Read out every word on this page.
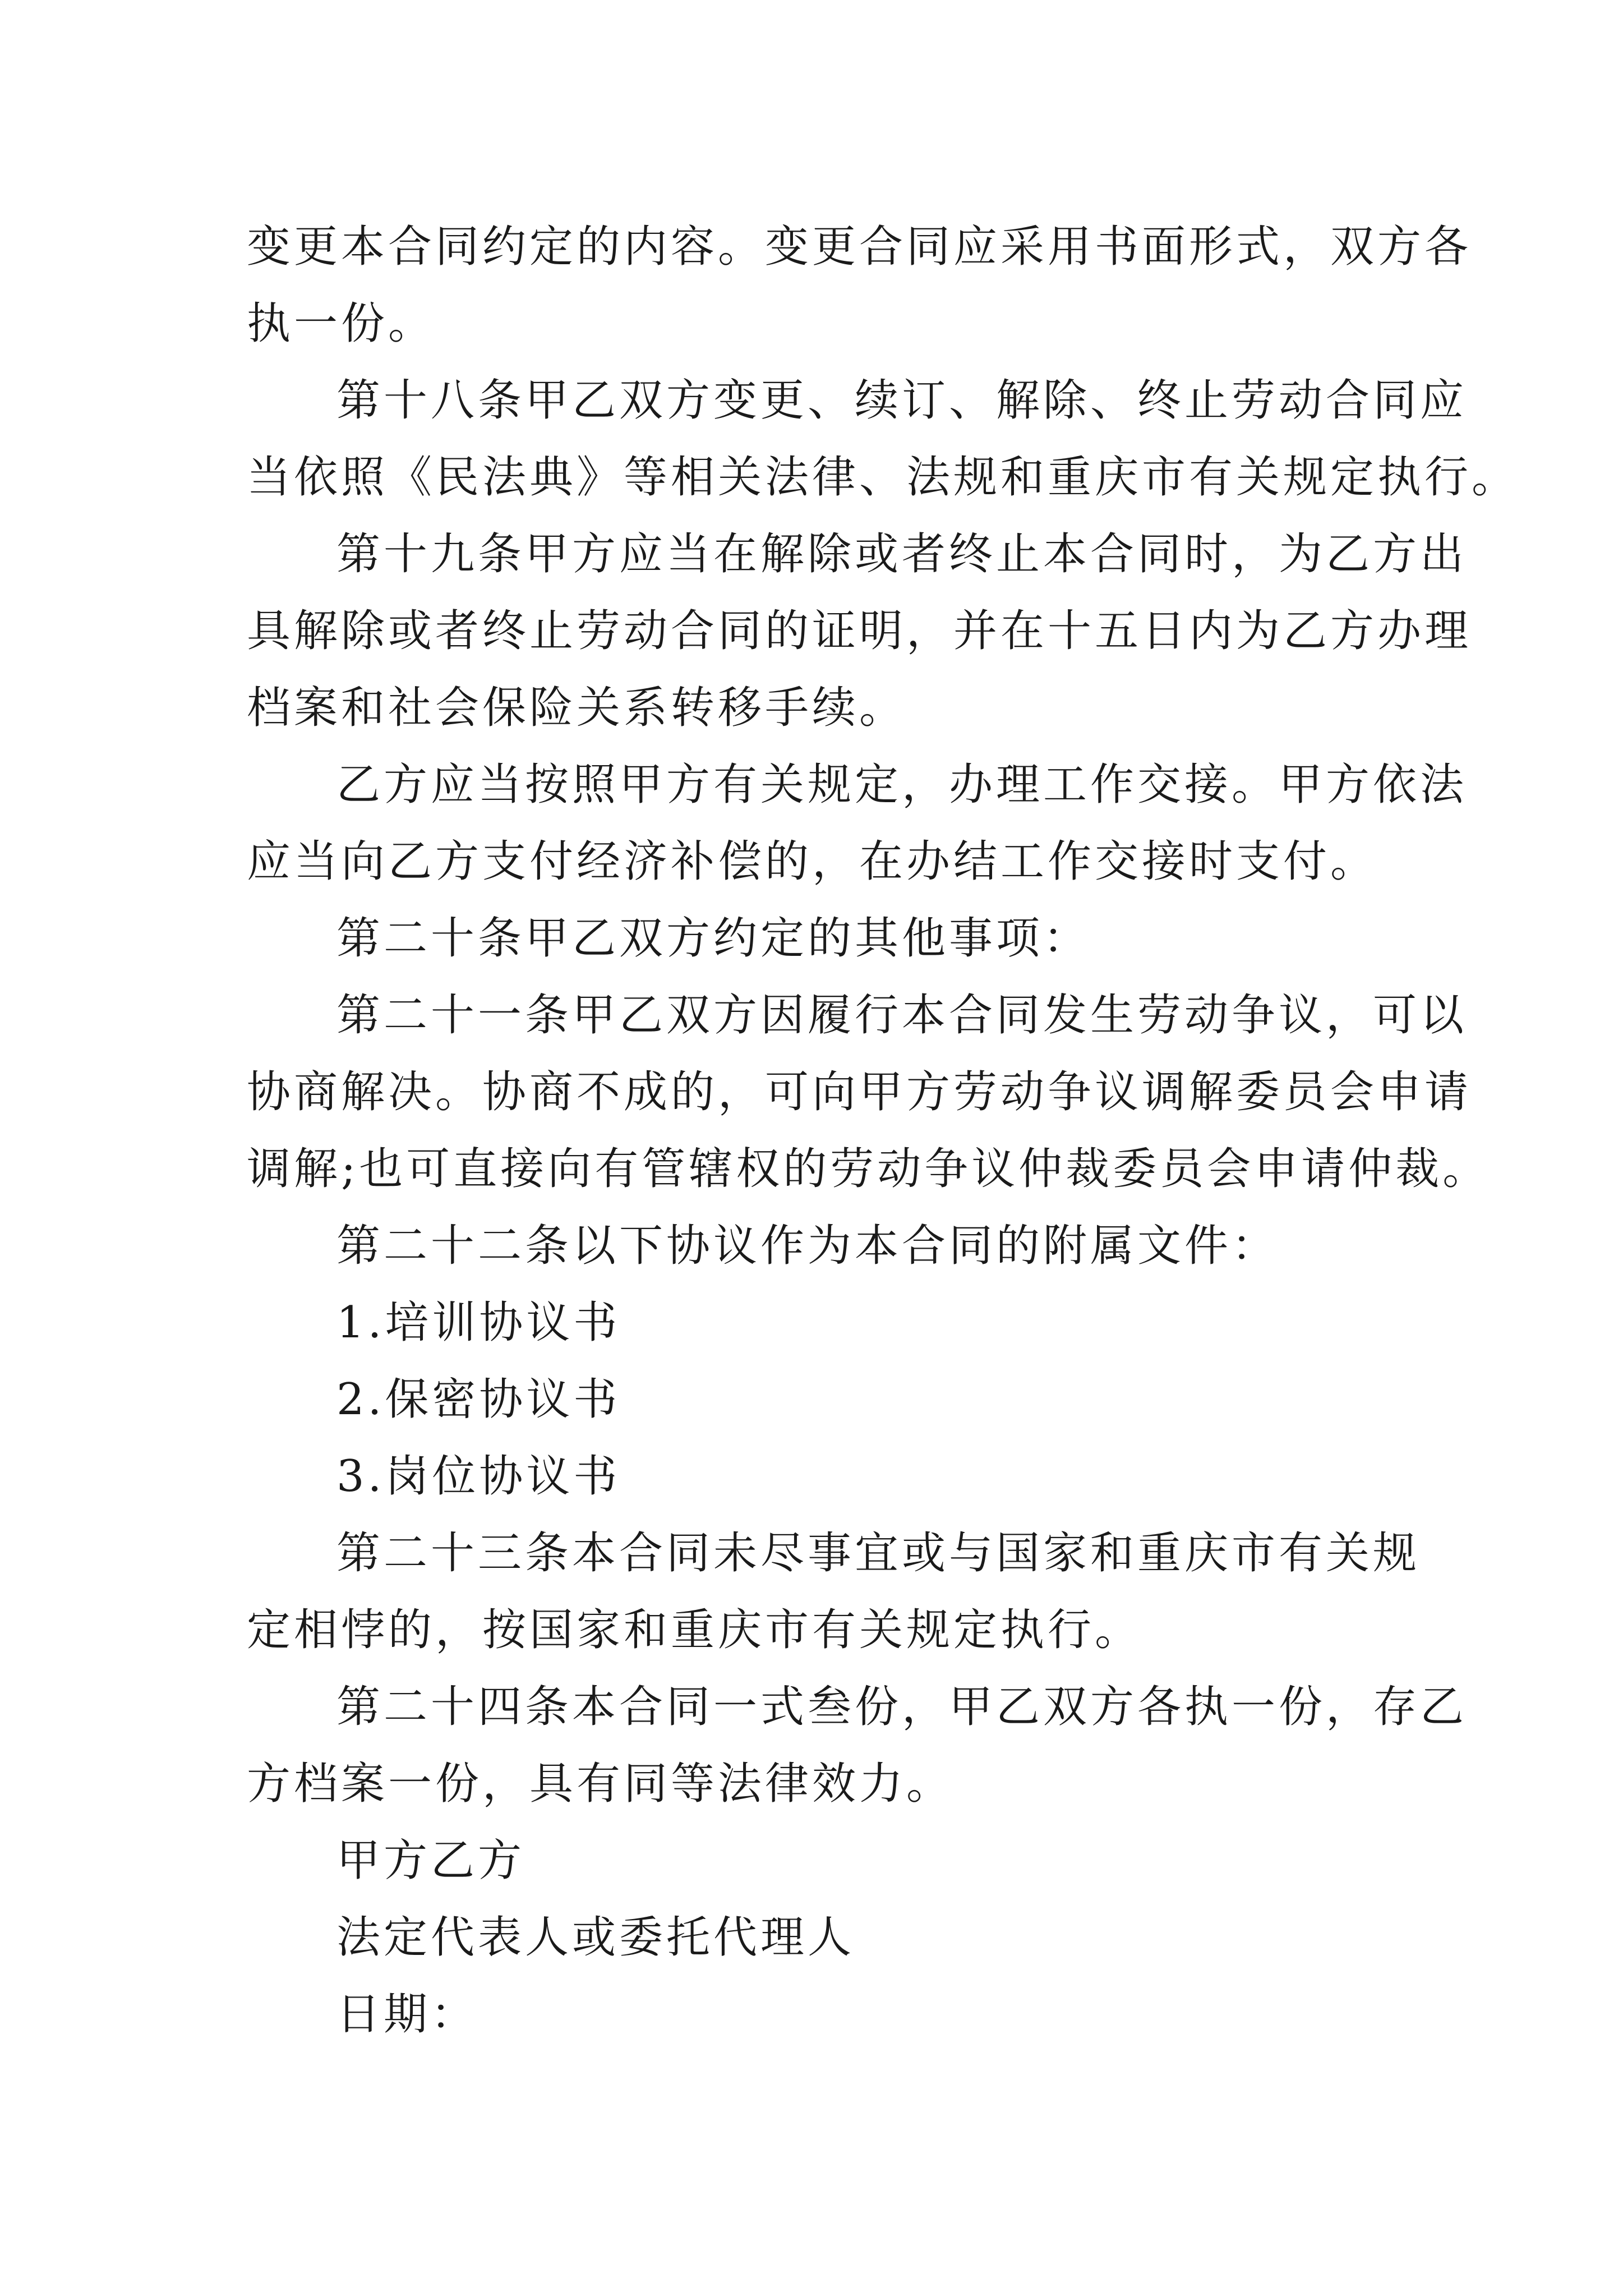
变更本合同约定的内容。变更合同应采用书面形式，双方各
执一份。
第十八条甲乙双方变更、续订、解除、终止劳动合同应
当依照《民法典》等相关法律、法规和重庆市有关规定执行。
第十九条甲方应当在解除或者终止本合同时，为乙方出
具解除或者终止劳动合同的证明，并在十五日内为乙方办理
档案和社会保险关系转移手续。
乙方应当按照甲方有关规定，办理工作交接。甲方依法
应当向乙方支付经济补偿的，在办结工作交接时支付。
第二十条甲乙双方约定的其他事项：
第二十一条甲乙双方因履行本合同发生劳动争议，可以
协商解决。协商不成的，可向甲方劳动争议调解委员会申请
调解;也可直接向有管辖权的劳动争议仲裁委员会申请仲裁。
第二十二条以下协议作为本合同的附属文件：
1.培训协议书
2.保密协议书
3.岗位协议书
第二十三条本合同未尽事宜或与国家和重庆市有关规
定相悖的，按国家和重庆市有关规定执行。
第二十四条本合同一式叁份，甲乙双方各执一份，存乙
方档案一份，具有同等法律效力。
甲方乙方
法定代表人或委托代理人
日期：
